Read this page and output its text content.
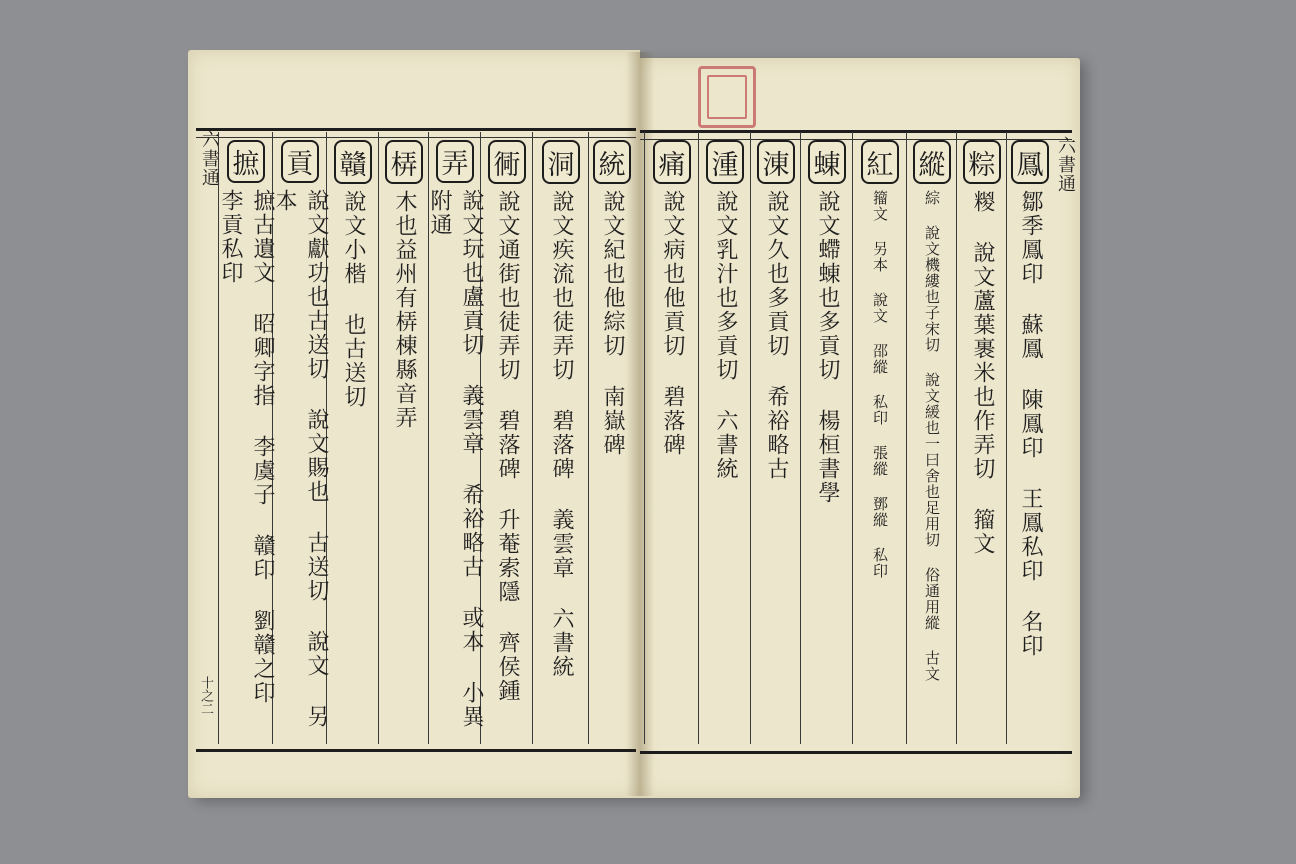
六書通
六書通
十之二
鳳
鄒季鳳印 蘇鳳 陳鳳印 王鳳私印 名印
粽
糉 說文蘆葉裹米也作弄切 籀文
縱
綜 說文機縷也子宋切 說文緩也一曰舍也足用切 俗通用縱 古文
紅
籀文 另本 說文 邵縱 私印 張縱 鄧縱 私印
蝀
說文螮蝀也多貢切 楊桓書學
涷
說文久也多貢切 希裕略古
湩
說文乳汁也多貢切 六書統
痛
說文病也他貢切 碧落碑
統
說文紀也他綜切 南嶽碑
洞
說文疾流也徒弄切 碧落碑 義雲章 六書統
衕
說文通街也徒弄切 碧落碑 升菴索隱 齊侯鍾
弄
說文玩也盧貢切 義雲章 希裕略古 或本 小異 附通
梇
木也益州有梇棟縣音弄
贛
說文小楷 也古送切
貢
說文獻功也古送切 說文賜也 古送切 說文 另本
摭
摭古遺文 昭卿字指 李虞子 贛印 劉贛之印 李貢私印
